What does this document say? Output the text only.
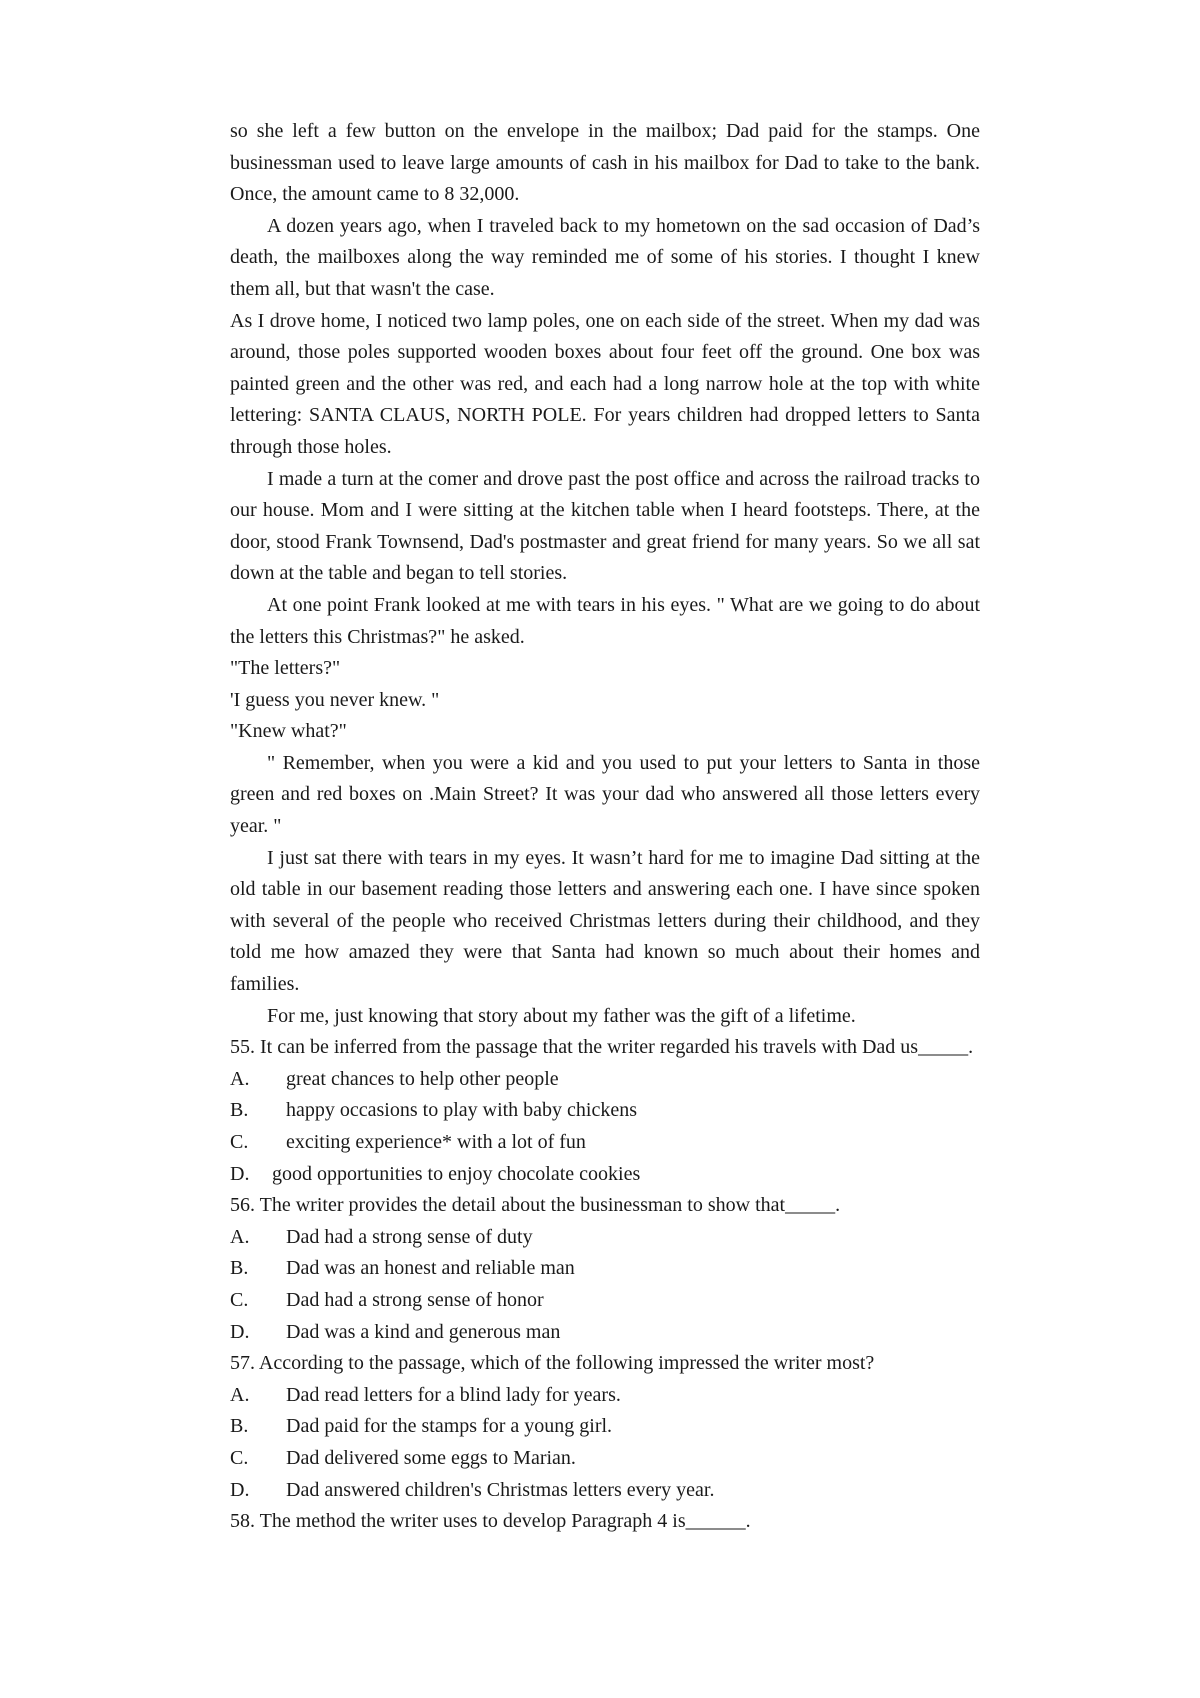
so she left a few button on the envelope in the mailbox; Dad paid for the stamps. One businessman used to leave large amounts of cash in his mailbox for Dad to take to the bank. Once, the amount came to 8 32,000.

A dozen years ago, when I traveled back to my hometown on the sad occasion of Dad’s death, the mailboxes along the way reminded me of some of his stories. I thought I knew them all, but that wasn't the case.

As I drove home, I noticed two lamp poles, one on each side of the street. When my dad was around, those poles supported wooden boxes about four feet off the ground. One box was painted green and the other was red, and each had a long narrow hole at the top with white lettering: SANTA CLAUS, NORTH POLE. For years children had dropped letters to Santa through those holes.

I made a turn at the comer and drove past the post office and across the railroad tracks to our house. Mom and I were sitting at the kitchen table when I heard footsteps. There, at the door, stood Frank Townsend, Dad's postmaster and great friend for many years. So we all sat down at the table and began to tell stories.

At one point Frank looked at me with tears in his eyes. " What are we going to do about the letters this Christmas?" he asked.

"The letters?"

'I guess you never knew. "

"Knew what?"

" Remember, when you were a kid and you used to put your letters to Santa in those green and red boxes on .Main Street? It was your dad who answered all those letters every year. "

I just sat there with tears in my eyes. It wasn’t hard for me to imagine Dad sitting at the old table in our basement reading those letters and answering each one. I have since spoken with several of the people who received Christmas letters during their childhood, and they told me how amazed they were that Santa had known so much about their homes and families.

For me, just knowing that story about my father was the gift of a lifetime.

55. It can be inferred from the passage that the writer regarded his travels with Dad us_____.

A.	great chances to help other people
B.	happy occasions to play with baby chickens
C.	exciting experience* with a lot of fun
D.	good opportunities to enjoy chocolate cookies

56. The writer provides the detail about the businessman to show that_____.

A.	Dad had a strong sense of duty
B.	Dad was an honest and reliable man
C.	Dad had a strong sense of honor
D.	Dad was a kind and generous man

57. According to the passage, which of the following impressed the writer most?

A.	Dad read letters for a blind lady for years.
B.	Dad paid for the stamps for a young girl.
C.	Dad delivered some eggs to Marian.
D.	Dad answered children's Christmas letters every year.

58. The method the writer uses to develop Paragraph 4 is______.
